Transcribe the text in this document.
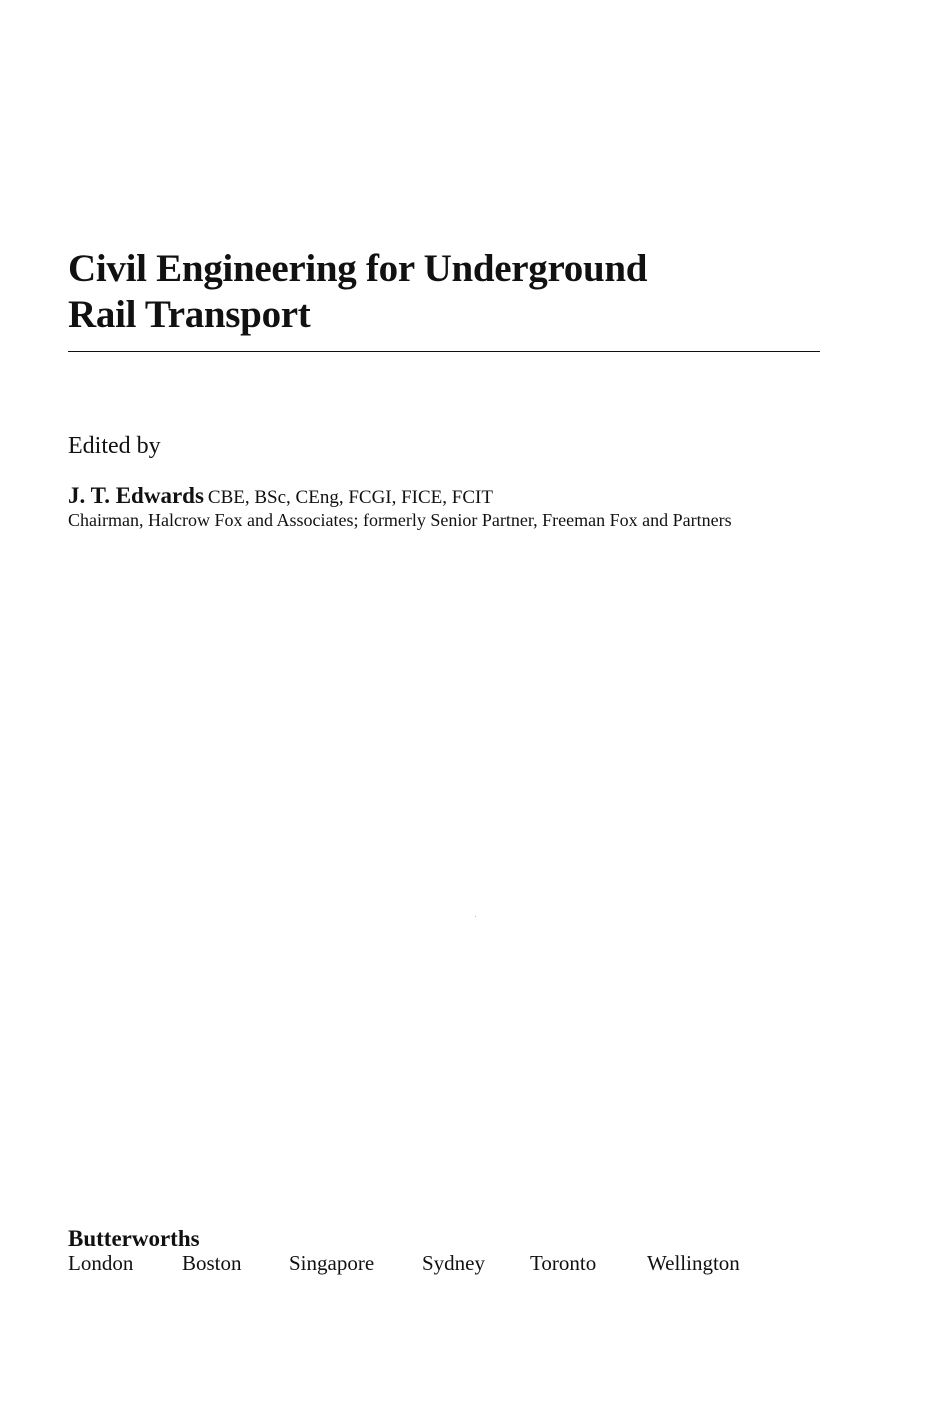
Civil Engineering for Underground
Rail Transport
Edited by
J. T. Edwards CBE, BSc, CEng, FCGI, FICE, FCIT
Chairman, Halcrow Fox and Associates; formerly Senior Partner, Freeman Fox and Partners
Butterworths
London Boston Singapore Sydney Toronto Wellington
